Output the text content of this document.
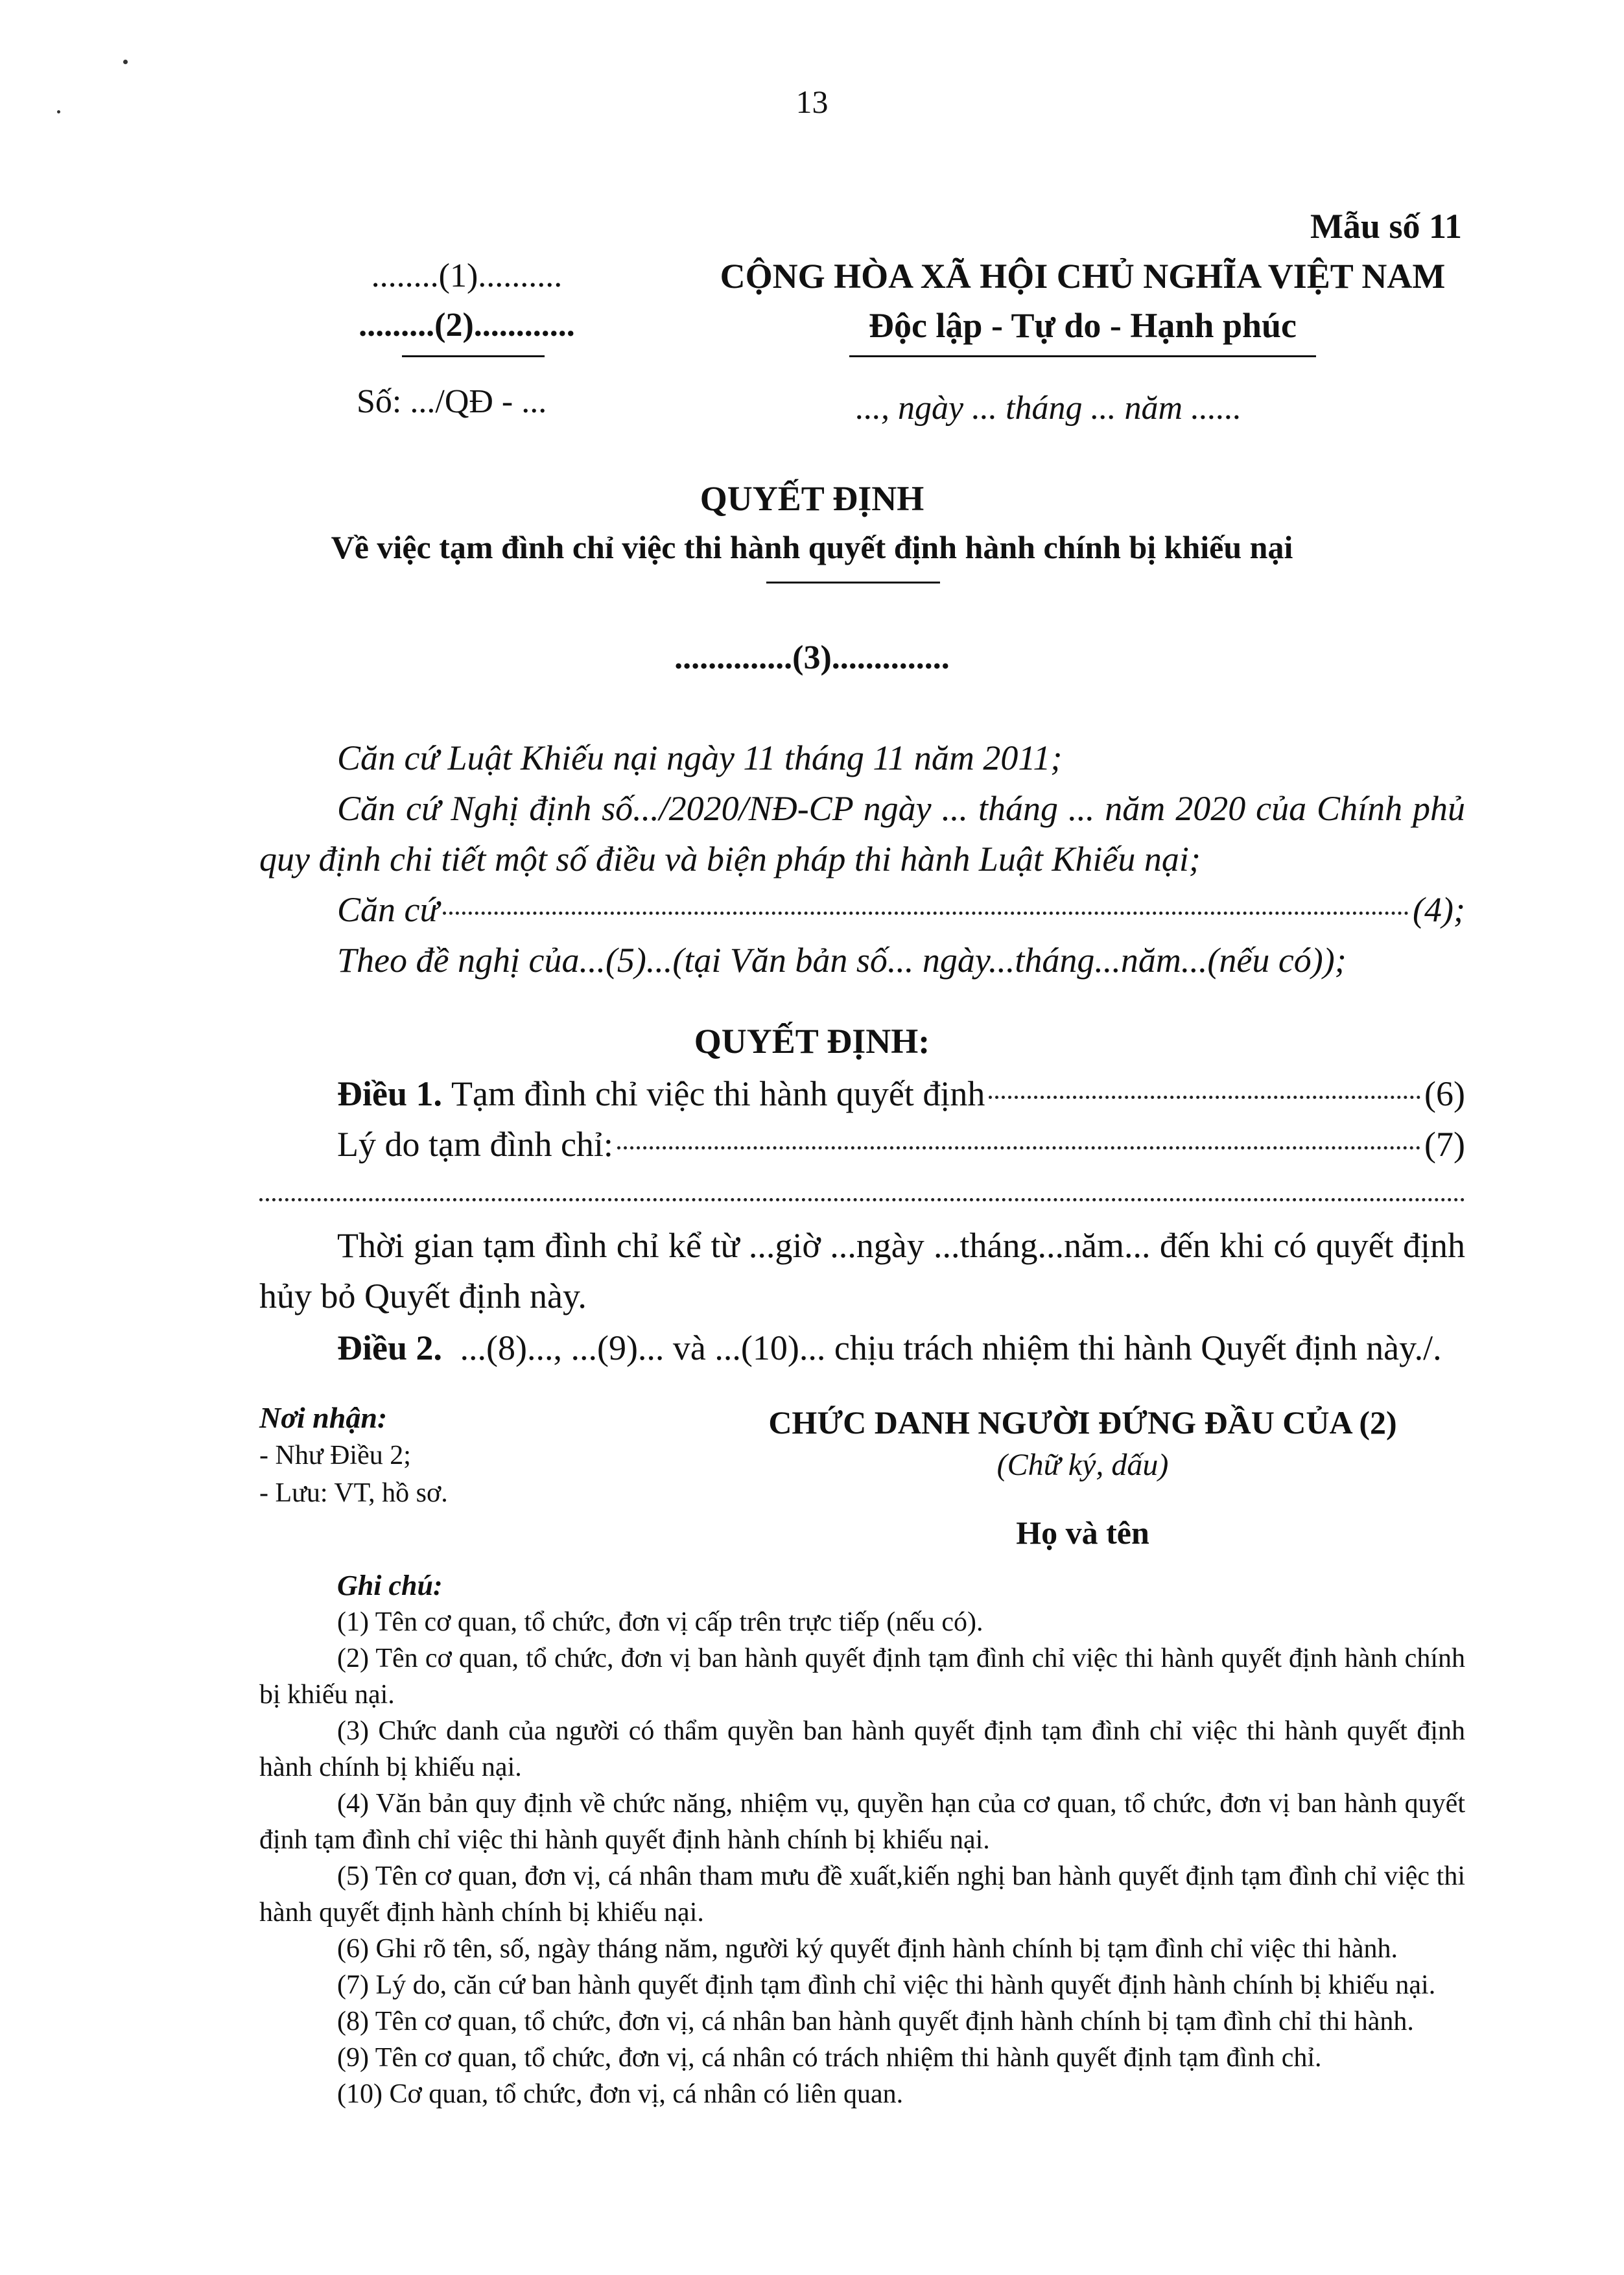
13
Mẫu số 11
........(1)..........
.........(2)............
CỘNG HÒA XÃ HỘI CHỦ NGHĨA VIỆT NAM
Độc lập - Tự do - Hạnh phúc
Số: .../QĐ - ...	..., ngày ... tháng ... năm ......
QUYẾT ĐỊNH
Về việc tạm đình chỉ việc thi hành quyết định hành chính bị khiếu nại
..............(3)..............
Căn cứ Luật Khiếu nại ngày 11 tháng 11 năm 2011;
Căn cứ Nghị định số.../2020/NĐ-CP ngày ... tháng ... năm 2020 của Chính phủ quy định chi tiết một số điều và biện pháp thi hành Luật Khiếu nại;
Căn cứ	(4);
Theo đề nghị của...(5)...(tại Văn bản số... ngày...tháng...năm...(nếu có));
QUYẾT ĐỊNH:
Điều 1. Tạm đình chỉ việc thi hành quyết định	(6)
Lý do tạm đình chỉ:	(7)
Thời gian tạm đình chỉ kể từ ...giờ ...ngày ...tháng...năm... đến khi có quyết định hủy bỏ Quyết định này.
Điều 2. ...(8)..., ...(9)... và ...(10)... chịu trách nhiệm thi hành Quyết định này./.
Nơi nhận:
- Như Điều 2;
- Lưu: VT, hồ sơ.
CHỨC DANH NGƯỜI ĐỨNG ĐẦU CỦA (2)
(Chữ ký, dấu)
Họ và tên
Ghi chú:
(1) Tên cơ quan, tổ chức, đơn vị cấp trên trực tiếp (nếu có).
(2) Tên cơ quan, tổ chức, đơn vị ban hành quyết định tạm đình chỉ việc thi hành quyết định hành chính bị khiếu nại.
(3) Chức danh của người có thẩm quyền ban hành quyết định tạm đình chỉ việc thi hành quyết định hành chính bị khiếu nại.
(4) Văn bản quy định về chức năng, nhiệm vụ, quyền hạn của cơ quan, tổ chức, đơn vị ban hành quyết định tạm đình chỉ việc thi hành quyết định hành chính bị khiếu nại.
(5) Tên cơ quan, đơn vị, cá nhân tham mưu đề xuất,kiến nghị ban hành quyết định tạm đình chỉ việc thi hành quyết định hành chính bị khiếu nại.
(6) Ghi rõ tên, số, ngày tháng năm, người ký quyết định hành chính bị tạm đình chỉ việc thi hành.
(7) Lý do, căn cứ ban hành quyết định tạm đình chỉ việc thi hành quyết định hành chính bị khiếu nại.
(8) Tên cơ quan, tổ chức, đơn vị, cá nhân ban hành quyết định hành chính bị tạm đình chỉ thi hành.
(9) Tên cơ quan, tổ chức, đơn vị, cá nhân có trách nhiệm thi hành quyết định tạm đình chỉ.
(10) Cơ quan, tổ chức, đơn vị, cá nhân có liên quan.
